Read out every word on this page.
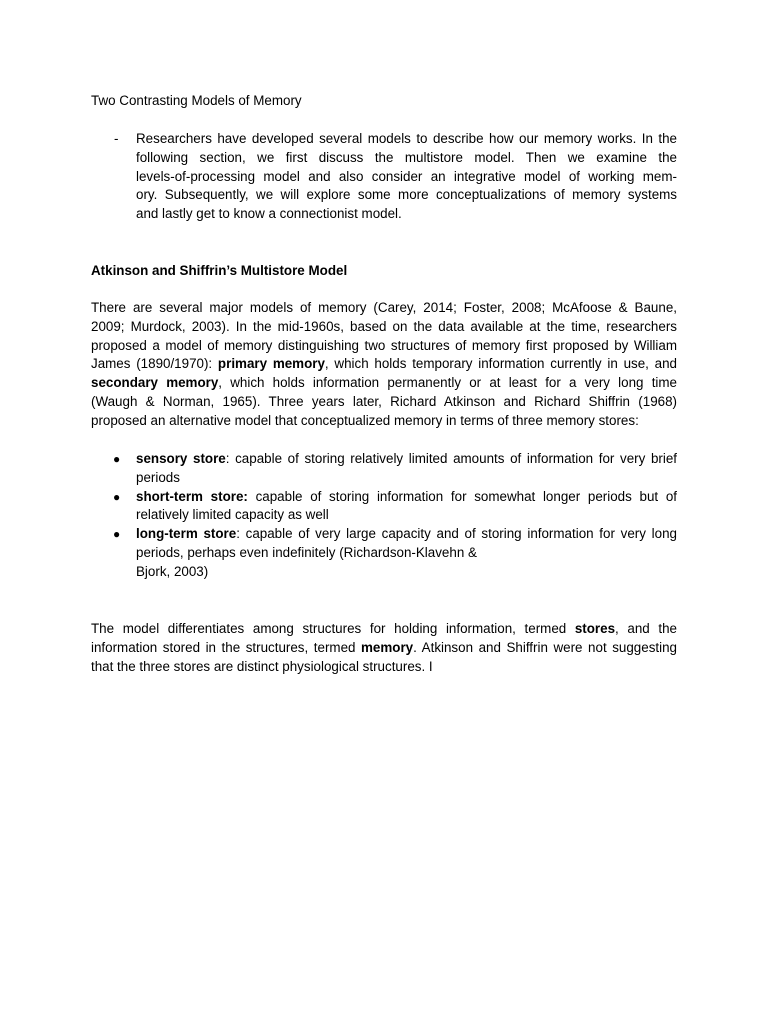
Two Contrasting Models of Memory
- Researchers have developed several models to describe how our memory works. In the
following section, we first discuss the multistore model. Then we examine the
levels-of-processing model and also consider an integrative model of working mem-
ory. Subsequently, we will explore some more conceptualizations of memory systems
and lastly get to know a connectionist model.
Atkinson and Shiffrin’s Multistore Model
There are several major models of memory (Carey, 2014; Foster, 2008; McAfoose & Baune,
2009; Murdock, 2003). In the mid-1960s, based on the data available at the time, researchers
proposed a model of memory distinguishing two structures of memory first proposed by William
James (1890/1970): primary memory, which holds temporary information currently in use, and
secondary memory, which holds information permanently or at least for a very long time
(Waugh & Norman, 1965). Three years later, Richard Atkinson and Richard Shiffrin (1968)
proposed an alternative model that conceptualized memory in terms of three memory stores:
● sensory store: capable of storing relatively limited amounts of information for very brief
periods
● short-term store: capable of storing information for somewhat longer periods but of
relatively limited capacity as well
● long-term store: capable of very large capacity and of storing information for very long
periods, perhaps even indefinitely (Richardson-Klavehn &
Bjork, 2003)
The model differentiates among structures for holding information, termed stores, and the
information stored in the structures, termed memory. Atkinson and Shiffrin were not suggesting
that the three stores are distinct physiological structures. I
